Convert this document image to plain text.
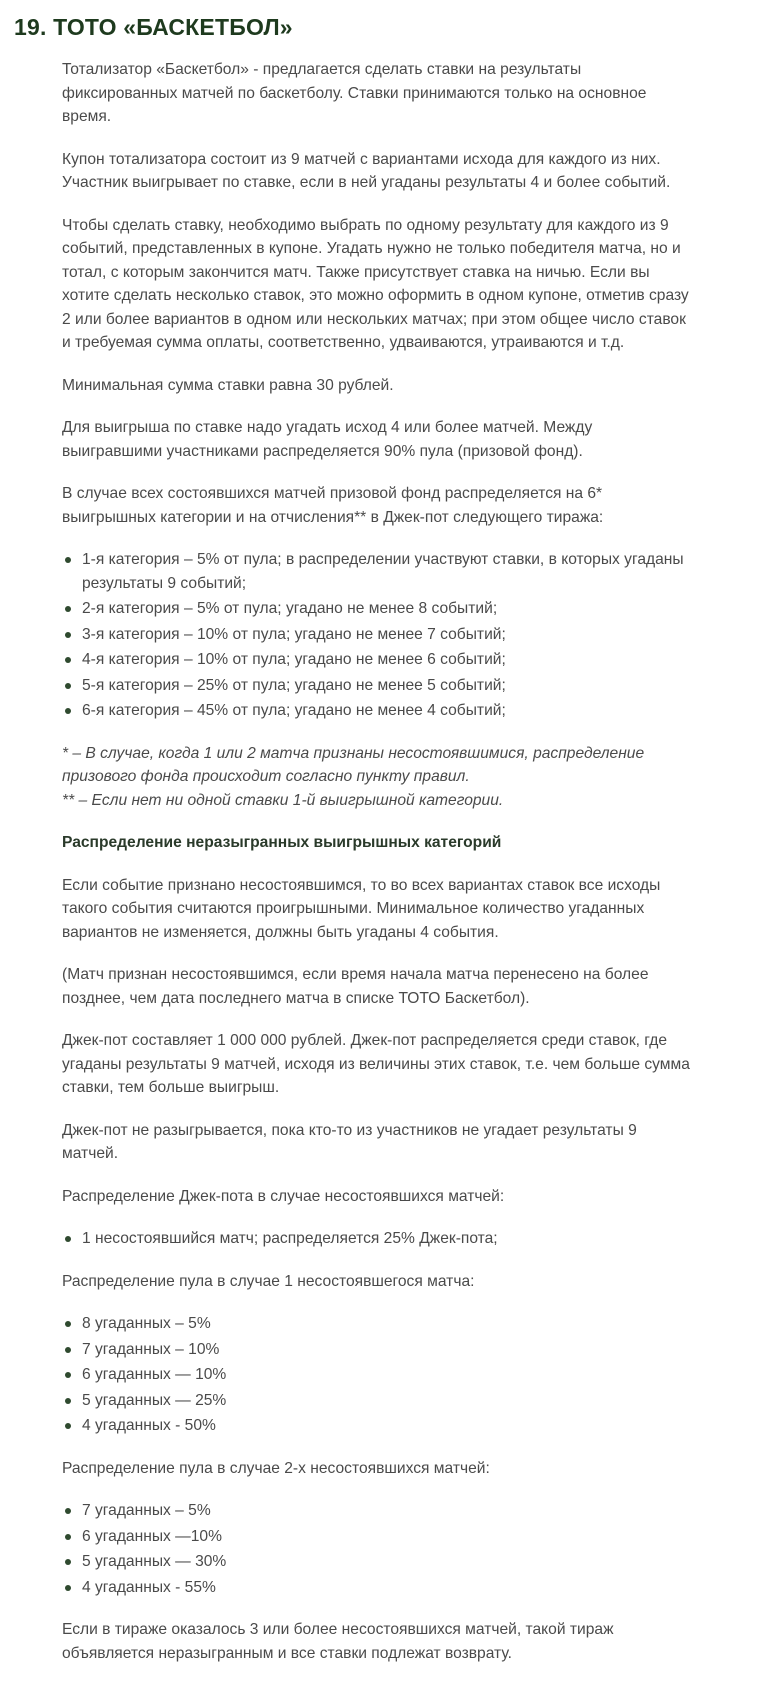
19. ТОТО «БАСКЕТБОЛ»

Тотализатор «Баскетбол» - предлагается сделать ставки на результаты фиксированных матчей по баскетболу. Ставки принимаются только на основное время.

Купон тотализатора состоит из 9 матчей с вариантами исхода для каждого из них. Участник выигрывает по ставке, если в ней угаданы результаты 4 и более событий.

Чтобы сделать ставку, необходимо выбрать по одному результату для каждого из 9 событий, представленных в купоне. Угадать нужно не только победителя матча, но и тотал, с которым закончится матч. Также присутствует ставка на ничью. Если вы хотите сделать несколько ставок, это можно оформить в одном купоне, отметив сразу 2 или более вариантов в одном или нескольких матчах; при этом общее число ставок и требуемая сумма оплаты, соответственно, удваиваются, утраиваются и т.д.

Минимальная сумма ставки равна 30 рублей.

Для выигрыша по ставке надо угадать исход 4 или более матчей. Между выигравшими участниками распределяется 90% пула (призовой фонд).

В случае всех состоявшихся матчей призовой фонд распределяется на 6* выигрышных категории и на отчисления** в Джек-пот следующего тиража:

1-я категория – 5% от пула; в распределении участвуют ставки, в которых угаданы результаты 9 событий;
2-я категория – 5% от пула; угадано не менее 8 событий;
3-я категория – 10% от пула; угадано не менее 7 событий;
4-я категория – 10% от пула; угадано не менее 6 событий;
5-я категория – 25% от пула; угадано не менее 5 событий;
6-я категория – 45% от пула; угадано не менее 4 событий;
* – В случае, когда 1 или 2 матча признаны несостоявшимися, распределение призового фонда происходит согласно пункту правил.
** – Если нет ни одной ставки 1-й выигрышной категории.

Распределение неразыгранных выигрышных категорий

Если событие признано несостоявшимся, то во всех вариантах ставок все исходы такого события считаются проигрышными. Минимальное количество угаданных вариантов не изменяется, должны быть угаданы 4 события.

(Матч признан несостоявшимся, если время начала матча перенесено на более позднее, чем дата последнего матча в списке ТОТО Баскетбол).

Джек-пот составляет 1 000 000 рублей. Джек-пот распределяется среди ставок, где угаданы результаты 9 матчей, исходя из величины этих ставок, т.е. чем больше сумма ставки, тем больше выигрыш.

Джек-пот не разыгрывается, пока кто-то из участников не угадает результаты 9 матчей.

Распределение Джек-пота в случае несостоявшихся матчей:

1 несостоявшийся матч; распределяется 25% Джек-пота;

Распределение пула в случае 1 несостоявшегося матча:

8 угаданных – 5%
7 угаданных – 10%
6 угаданных — 10%
5 угаданных — 25%
4 угаданных - 50%

Распределение пула в случае 2-х несостоявшихся матчей:

7 угаданных – 5%
6 угаданных —10%
5 угаданных — 30%
4 угаданных - 55%

Если в тираже оказалось 3 или более несостоявшихся матчей, такой тираж объявляется неразыгранным и все ставки подлежат возврату.
